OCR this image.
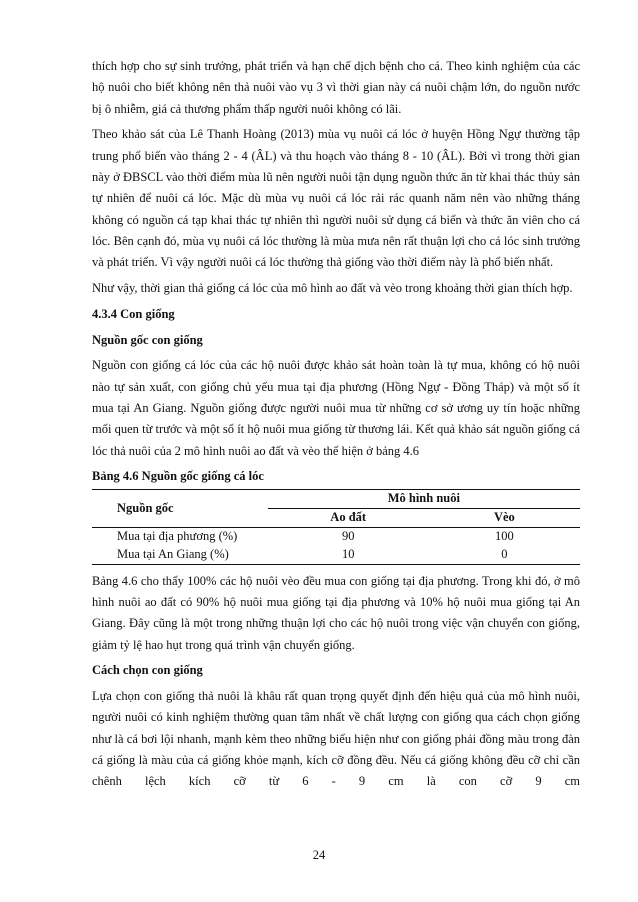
thích hợp cho sự sinh trưởng, phát triển và hạn chế dịch bệnh cho cá. Theo kinh nghiệm của các hộ nuôi cho biết không nên thả nuôi vào vụ 3 vì thời gian này cá nuôi chậm lớn, do nguồn nước bị ô nhiễm, giá cả thương phẩm thấp người nuôi không có lãi.

Theo khảo sát của Lê Thanh Hoàng (2013) mùa vụ nuôi cá lóc ở huyện Hồng Ngự thường tập trung phổ biến vào tháng 2 - 4 (ÂL) và thu hoạch vào tháng 8 - 10 (ÂL). Bởi vì trong thời gian này ở ĐBSCL vào thời điểm mùa lũ nên người nuôi tận dụng nguồn thức ăn từ khai thác thủy sản tự nhiên để nuôi cá lóc. Mặc dù mùa vụ nuôi cá lóc rải rác quanh năm nên vào những tháng không có nguồn cá tạp khai thác tự nhiên thì người nuôi sử dụng cá biển và thức ăn viên cho cá lóc. Bên cạnh đó, mùa vụ nuôi cá lóc thường là mùa mưa nên rất thuận lợi cho cá lóc sinh trưởng và phát triển. Vì vậy người nuôi cá lóc thường thả giống vào thời điểm này là phổ biến nhất.

Như vậy, thời gian thả giống cá lóc của mô hình ao đất và vèo trong khoảng thời gian thích hợp.

4.3.4 Con giống
Nguồn gốc con giống

Nguồn con giống cá lóc của các hộ nuôi được khảo sát hoàn toàn là tự mua, không có hộ nuôi nào tự sản xuất, con giống chủ yếu mua tại địa phương (Hồng Ngự - Đồng Tháp) và một số ít mua tại An Giang. Nguồn giống được người nuôi mua từ những cơ sở ương uy tín hoặc những mối quen từ trước và một số ít hộ nuôi mua giống từ thương lái. Kết quả khảo sát nguồn giống cá lóc thả nuôi của 2 mô hình nuôi ao đất và vèo thể hiện ở bảng 4.6

Bảng 4.6 Nguồn gốc giống cá lóc
Nguồn gốc	Mô hình nuôi	
	Ao đất	Vèo
Mua tại địa phương (%)	90	100
Mua tại An Giang (%)	10	0

Bảng 4.6 cho thấy 100% các hộ nuôi vèo đều mua con giống tại địa phương. Trong khi đó, ở mô hình nuôi ao đất có 90% hộ nuôi mua giống tại địa phương và 10% hộ nuôi mua giống tại An Giang. Đây cũng là một trong những thuận lợi cho các hộ nuôi trong việc vận chuyển con giống, giảm tỷ lệ hao hụt trong quá trình vận chuyển giống.

Cách chọn con giống

Lựa chọn con giống thả nuôi là khâu rất quan trọng quyết định đến hiệu quả của mô hình nuôi, người nuôi có kinh nghiệm thường quan tâm nhất về chất lượng con giống qua cách chọn giống như là cá bơi lội nhanh, mạnh kèm theo những biểu hiện như con giống phải đồng màu trong đàn cá giống là màu của cá giống khỏe mạnh, kích cỡ đồng đều. Nếu cá giống không đều cỡ chỉ cần chênh lệch kích cỡ từ 6 - 9 cm là con cỡ 9 cm

24
